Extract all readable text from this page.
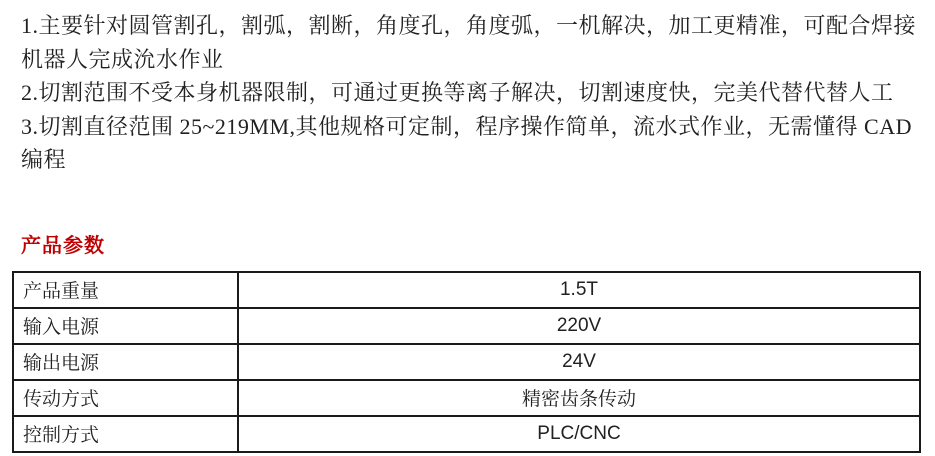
1.主要针对圆管割孔，割弧，割断，角度孔，角度弧，一机解决，加工更精准，可配合焊接
机器人完成沇水作业
2.切割范围不受本身机器限制，可通过更换等离子解决，切割速度快，完美代替代替人工
3.切割直径范围 25~219MM,其他规格可定制，程序操作简单，流水式作业，无需懂得 CAD
编程
产品参数
产品重量	1.5T
输入电源	220V
输出电源	24V
传动方式	精密齿条传动
控制方式	PLC/CNC
